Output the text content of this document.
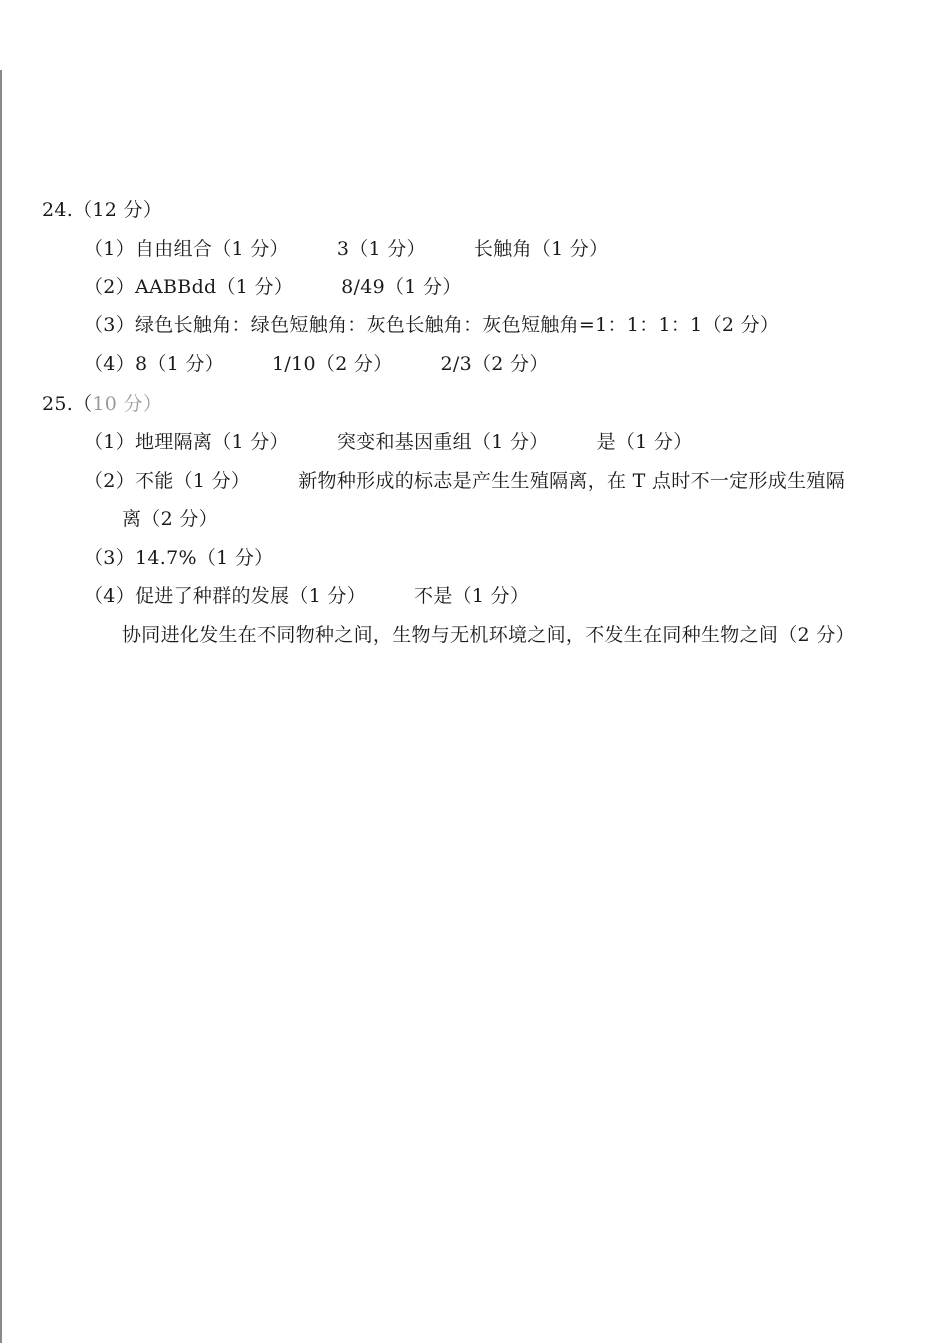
24.（12 分）
（1）自由组合（1 分）	3（1 分）	长触角（1 分）
（2）AABBdd（1 分）	8/49（1 分）
（3）绿色长触角：绿色短触角：灰色长触角：灰色短触角=1：1：1：1（2 分）
（4）8（1 分）	1/10（2 分）	2/3（2 分）
25.（10 分）
（1）地理隔离（1 分）	突变和基因重组（1 分）	是（1 分）
（2）不能（1 分）	新物种形成的标志是产生生殖隔离，在 T 点时不一定形成生殖隔
离（2 分）
（3）14.7%（1 分）
（4）促进了种群的发展（1 分）	不是（1 分）
协同进化发生在不同物种之间，生物与无机环境之间，不发生在同种生物之间（2 分）
